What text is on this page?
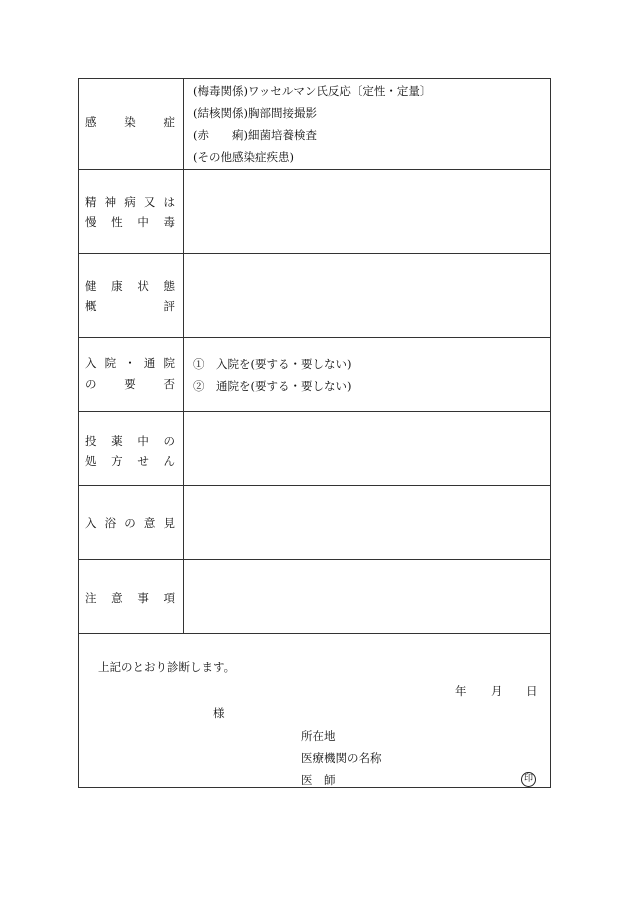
感 染 症
(梅毒関係)ワッセルマン氏反応〔定性・定量〕
(結核関係)胸部間接撮影
(赤　　痢)細菌培養検査
(その他感染症疾患)
精 神 病 又 は
慢 性 中 毒
健 康 状 態
概	評
入 院 ・ 通 院
の 要 否
①　入院を(要する・要しない)
②　通院を(要する・要しない)
投 薬 中 の
処 方 せ ん
入 浴 の 意 見
注 意 事 項
上記のとおり診断します。
年 月 日
様
所在地
医療機関の名称
医　師	印
